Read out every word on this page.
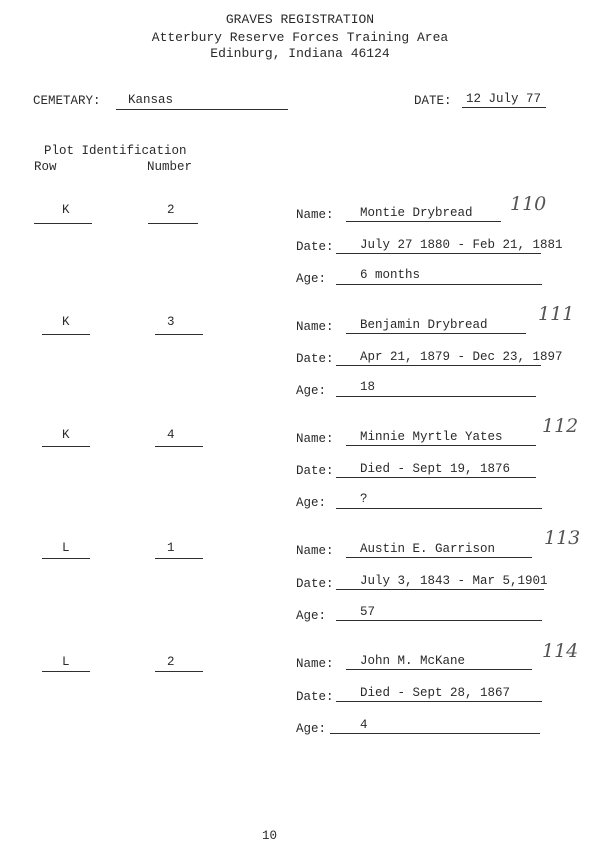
GRAVES REGISTRATION
Atterbury Reserve Forces Training Area
Edinburg, Indiana 46124
CEMETARY: Kansas	DATE: 12 July 77
Plot Identification
Row	Number
K	2	Name: Montie Drybread 110
Date: July 27 1880 - Feb 21, 1881
Age:	6 months
K	3	Name: Benjamin Drybread	111
Date: Apr 21, 1879 - Dec 23, 1897
Age:	18
K	4	Name: Minnie Myrtle Yates 112
Date: Died - Sept 19, 1876
Age:	?
L	1	Name: Austin E. Garrison	113
Date: July 3, 1843 - Mar 5,1901
Age:	57
L	2	Name: John M. McKane	114
Date: Died - Sept 28, 1867
Age:	4
10
